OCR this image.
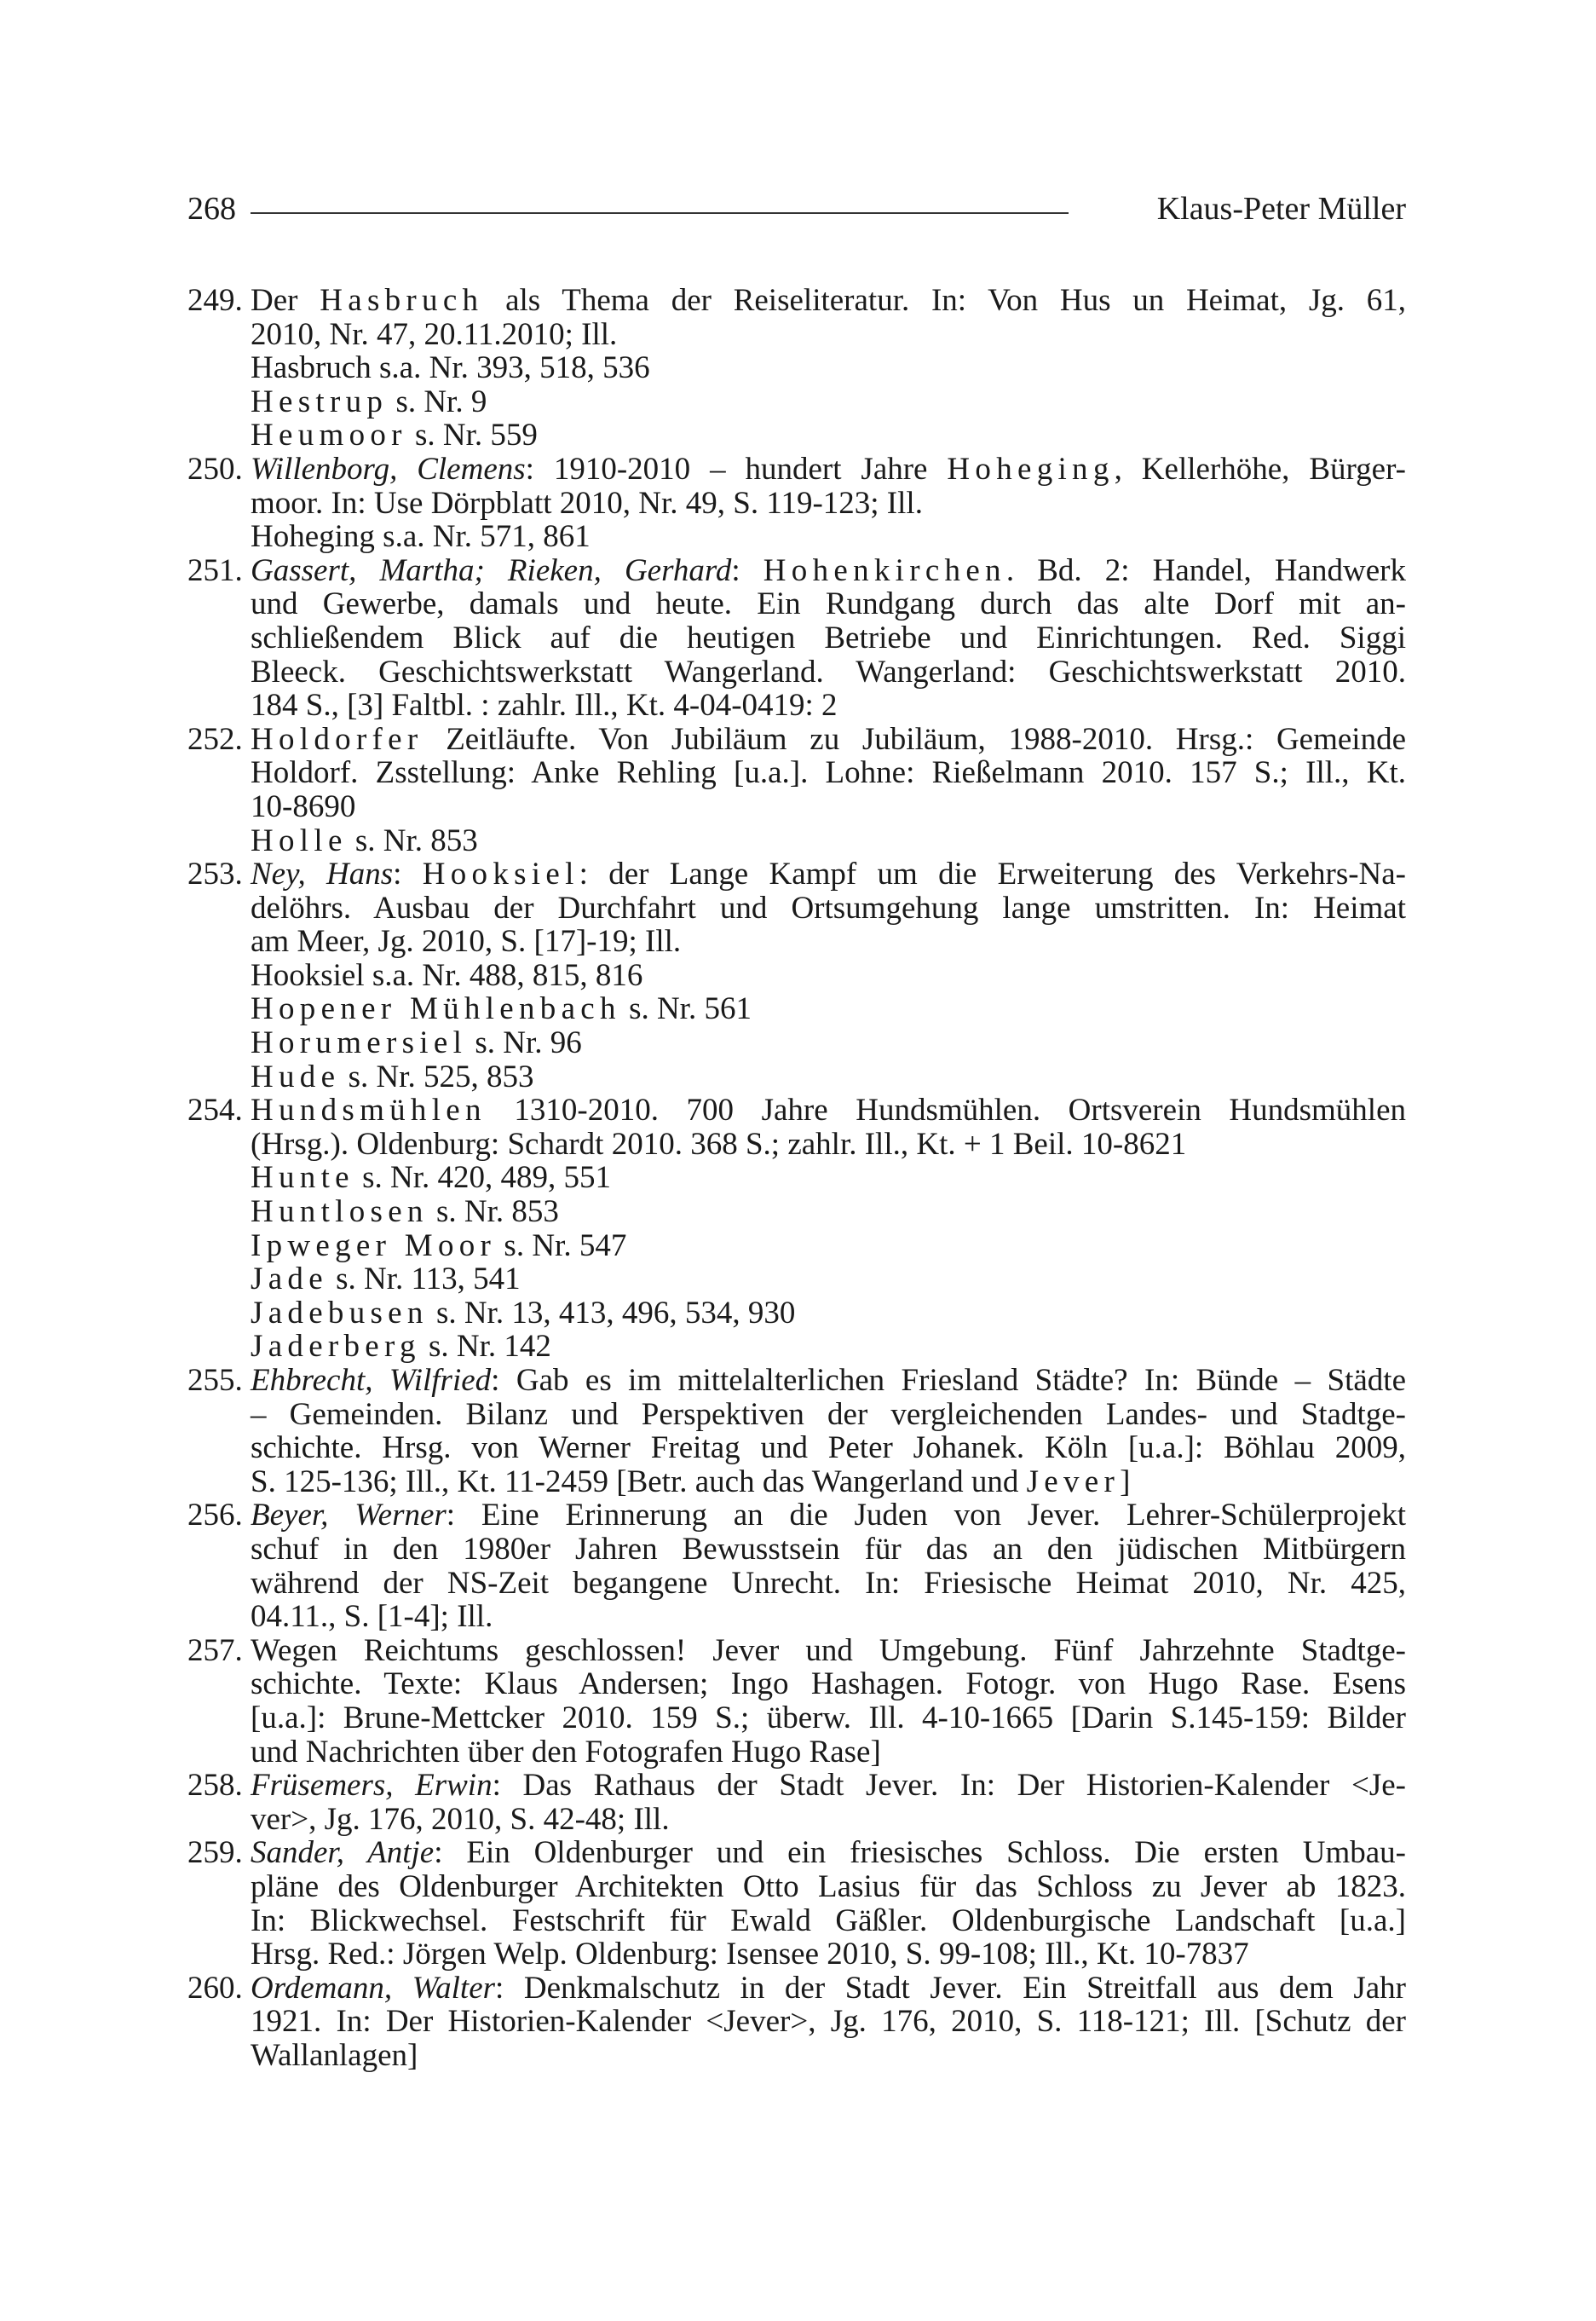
268	Klaus-Peter Müller
249. Der Hasbruch als Thema der Reiseliteratur. In: Von Hus un Heimat, Jg. 61,
2010, Nr. 47, 20.11.2010; Ill.
Hasbruch s.a. Nr. 393, 518, 536
Hestrup s. Nr. 9
Heumoor s. Nr. 559
250. Willenborg, Clemens: 1910-2010 – hundert Jahre Hoheging, Kellerhöhe, Bürger-
moor. In: Use Dörpblatt 2010, Nr. 49, S. 119-123; Ill.
Hoheging s.a. Nr. 571, 861
251. Gassert, Martha; Rieken, Gerhard: Hohenkirchen. Bd. 2: Handel, Handwerk
und Gewerbe, damals und heute. Ein Rundgang durch das alte Dorf mit an-
schließendem Blick auf die heutigen Betriebe und Einrichtungen. Red. Siggi
Bleeck. Geschichtswerkstatt Wangerland. Wangerland: Geschichtswerkstatt 2010.
184 S., [3] Faltbl. : zahlr. Ill., Kt. 4-04-0419: 2
252. Holdorfer Zeitläufte. Von Jubiläum zu Jubiläum, 1988-2010. Hrsg.: Gemeinde
Holdorf. Zsstellung: Anke Rehling [u.a.]. Lohne: Rießelmann 2010. 157 S.; Ill., Kt.
10-8690
Holle s. Nr. 853
253. Ney, Hans: Hooksiel: der Lange Kampf um die Erweiterung des Verkehrs-Na-
delöhrs. Ausbau der Durchfahrt und Ortsumgehung lange umstritten. In: Heimat
am Meer, Jg. 2010, S. [17]-19; Ill.
Hooksiel s.a. Nr. 488, 815, 816
Hopener Mühlenbach s. Nr. 561
Horumersiel s. Nr. 96
Hude s. Nr. 525, 853
254. Hundsmühlen 1310-2010. 700 Jahre Hundsmühlen. Ortsverein Hundsmühlen
(Hrsg.). Oldenburg: Schardt 2010. 368 S.; zahlr. Ill., Kt. + 1 Beil. 10-8621
Hunte s. Nr. 420, 489, 551
Huntlosen s. Nr. 853
Ipweger Moor s. Nr. 547
Jade s. Nr. 113, 541
Jadebusen s. Nr. 13, 413, 496, 534, 930
Jaderberg s. Nr. 142
255. Ehbrecht, Wilfried: Gab es im mittelalterlichen Friesland Städte? In: Bünde – Städte
– Gemeinden. Bilanz und Perspektiven der vergleichenden Landes- und Stadtge-
schichte. Hrsg. von Werner Freitag und Peter Johanek. Köln [u.a.]: Böhlau 2009,
S. 125-136; Ill., Kt. 11-2459 [Betr. auch das Wangerland und Jever]
256. Beyer, Werner: Eine Erinnerung an die Juden von Jever. Lehrer-Schülerprojekt
schuf in den 1980er Jahren Bewusstsein für das an den jüdischen Mitbürgern
während der NS-Zeit begangene Unrecht. In: Friesische Heimat 2010, Nr. 425,
04.11., S. [1-4]; Ill.
257. Wegen Reichtums geschlossen! Jever und Umgebung. Fünf Jahrzehnte Stadtge-
schichte. Texte: Klaus Andersen; Ingo Hashagen. Fotogr. von Hugo Rase. Esens
[u.a.]: Brune-Mettcker 2010. 159 S.; überw. Ill. 4-10-1665 [Darin S.145-159: Bilder
und Nachrichten über den Fotografen Hugo Rase]
258. Früsemers, Erwin: Das Rathaus der Stadt Jever. In: Der Historien-Kalender <Je-
ver>, Jg. 176, 2010, S. 42-48; Ill.
259. Sander, Antje: Ein Oldenburger und ein friesisches Schloss. Die ersten Umbau-
pläne des Oldenburger Architekten Otto Lasius für das Schloss zu Jever ab 1823.
In: Blickwechsel. Festschrift für Ewald Gäßler. Oldenburgische Landschaft [u.a.]
Hrsg. Red.: Jörgen Welp. Oldenburg: Isensee 2010, S. 99-108; Ill., Kt. 10-7837
260. Ordemann, Walter: Denkmalschutz in der Stadt Jever. Ein Streitfall aus dem Jahr
1921. In: Der Historien-Kalender <Jever>, Jg. 176, 2010, S. 118-121; Ill. [Schutz der
Wallanlagen]
